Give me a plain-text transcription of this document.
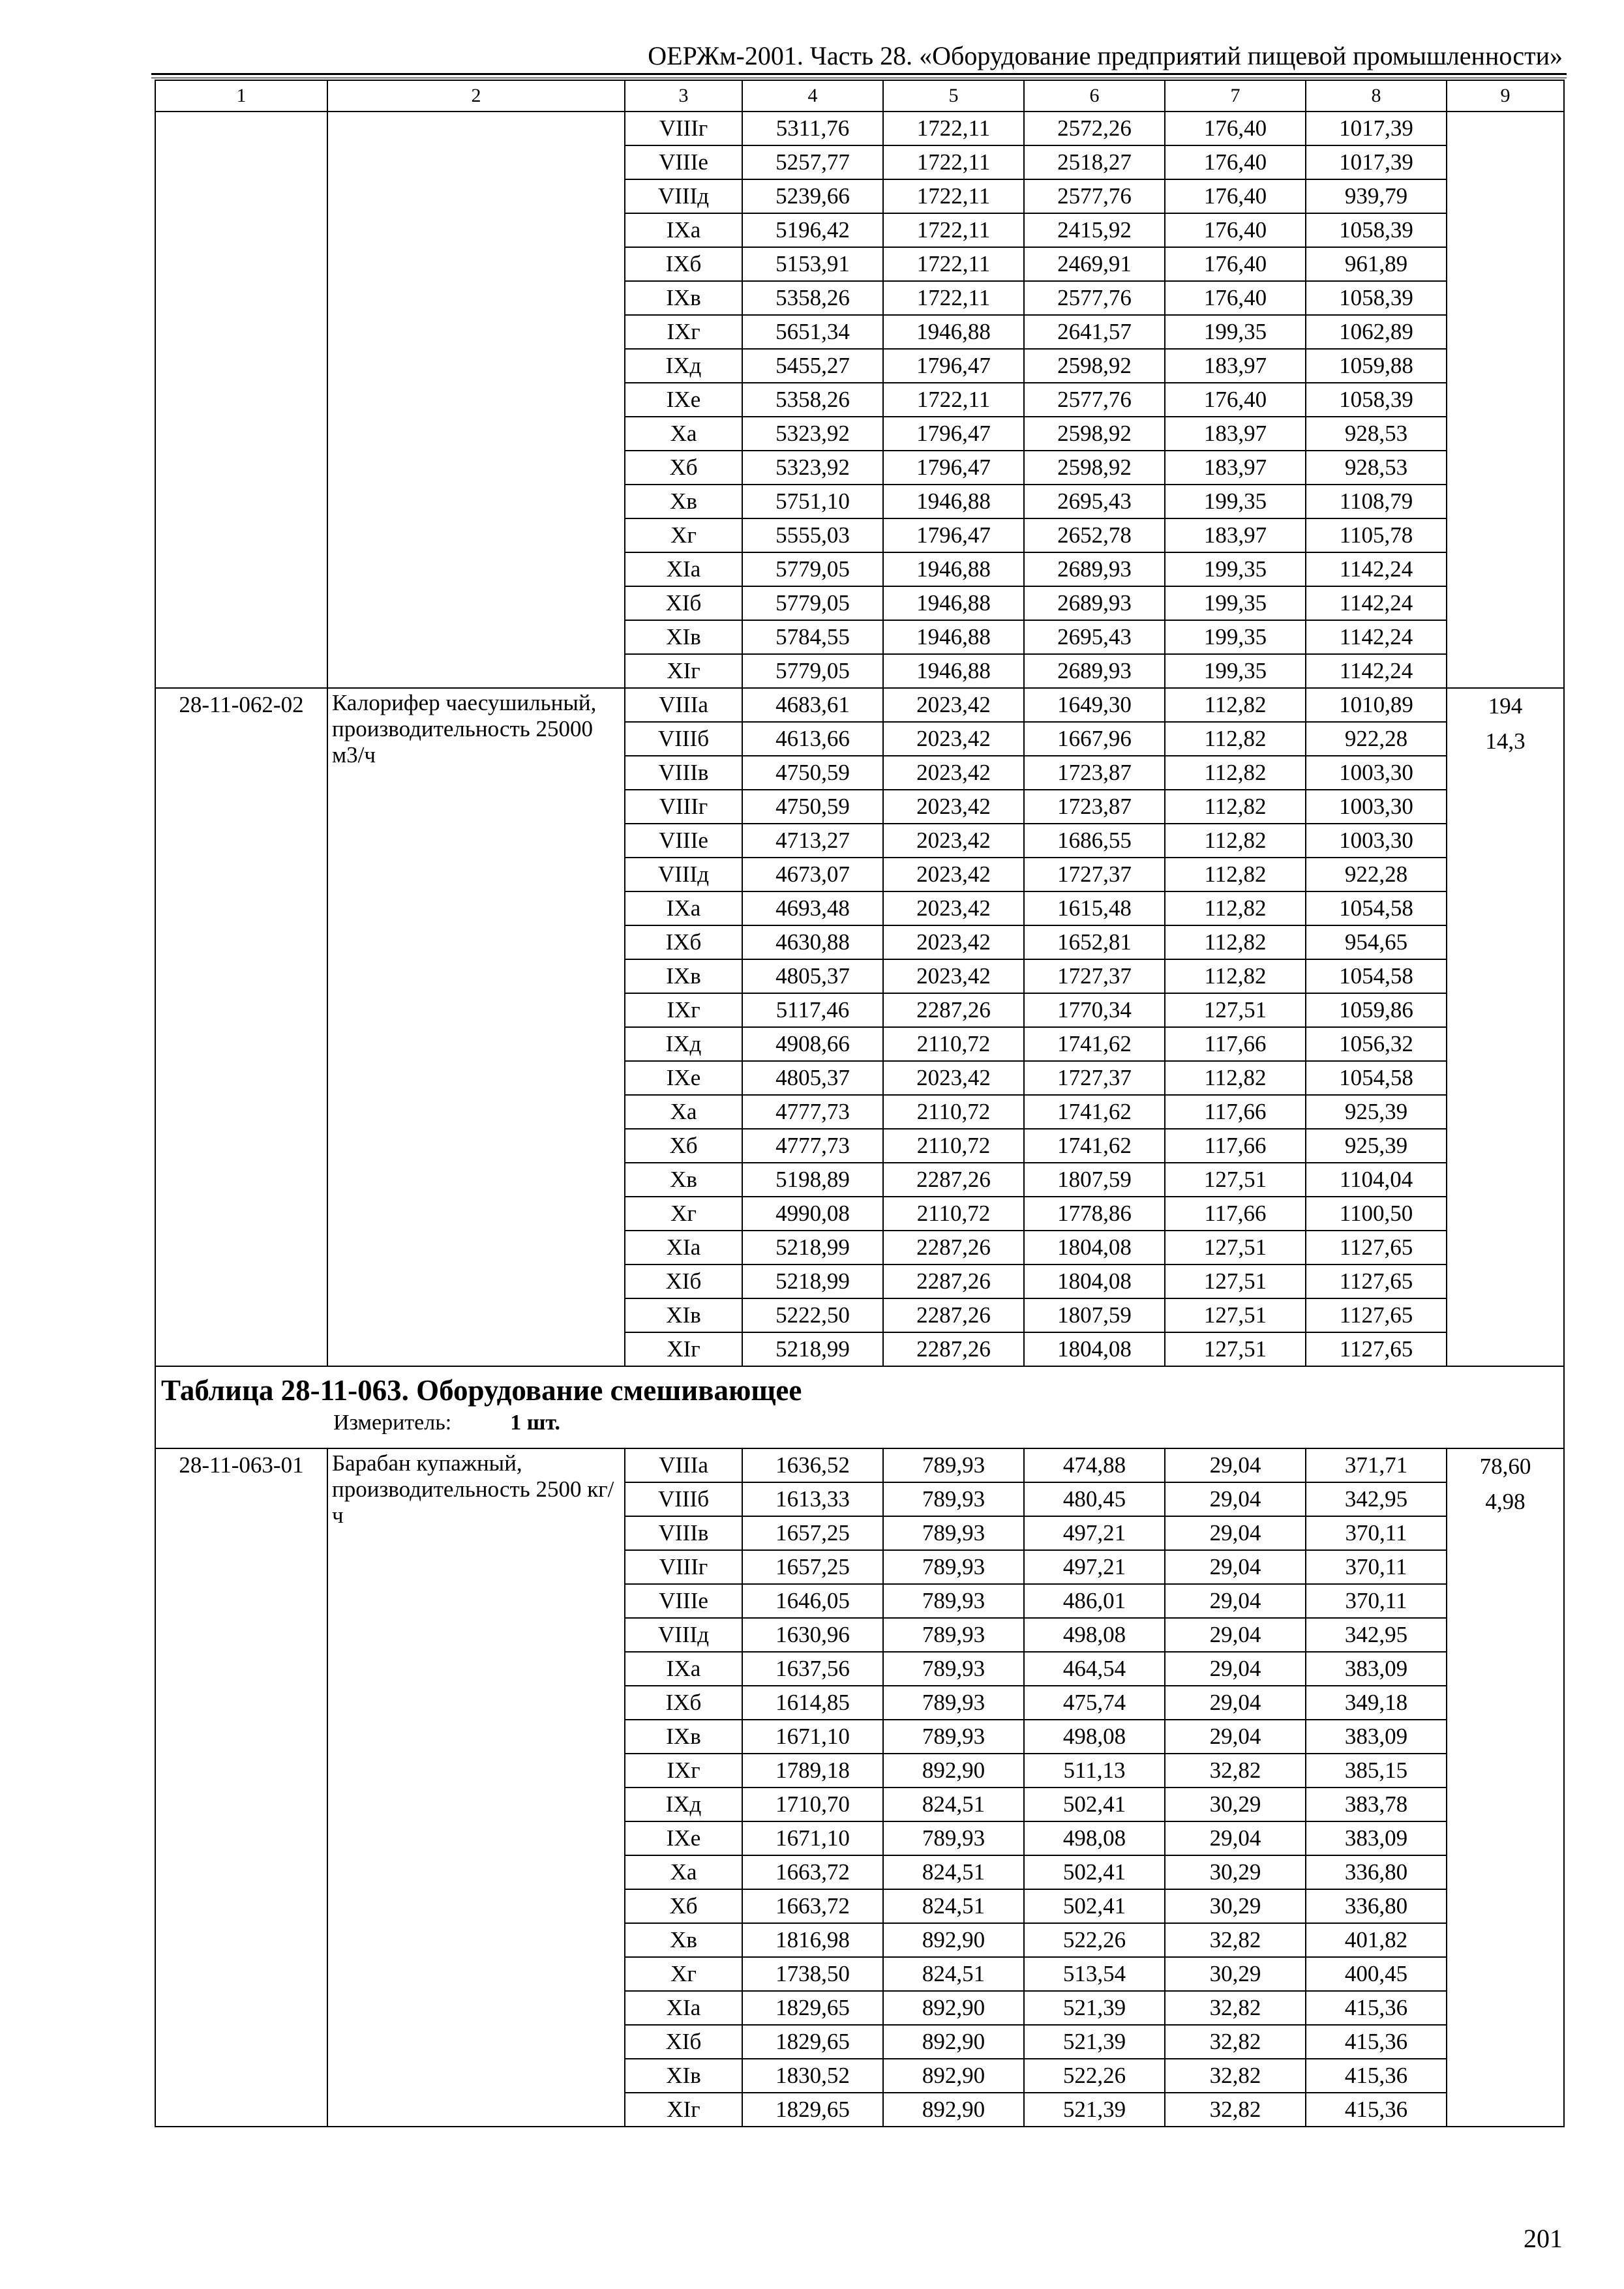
ОЕРЖм-2001. Часть 28. «Оборудование предприятий пищевой промышленности»
1	2	3	4	5	6	7	8	9
		VIIIг	5311,76	1722,11	2572,26	176,40	1017,39	
		VIIIе	5257,77	1722,11	2518,27	176,40	1017,39	
		VIIIд	5239,66	1722,11	2577,76	176,40	939,79	
		IXа	5196,42	1722,11	2415,92	176,40	1058,39	
		IXб	5153,91	1722,11	2469,91	176,40	961,89	
		IXв	5358,26	1722,11	2577,76	176,40	1058,39	
		IXг	5651,34	1946,88	2641,57	199,35	1062,89	
		IXд	5455,27	1796,47	2598,92	183,97	1059,88	
		IXе	5358,26	1722,11	2577,76	176,40	1058,39	
		Xа	5323,92	1796,47	2598,92	183,97	928,53	
		Xб	5323,92	1796,47	2598,92	183,97	928,53	
		Xв	5751,10	1946,88	2695,43	199,35	1108,79	
		Xг	5555,03	1796,47	2652,78	183,97	1105,78	
		XIа	5779,05	1946,88	2689,93	199,35	1142,24	
		XIб	5779,05	1946,88	2689,93	199,35	1142,24	
		XIв	5784,55	1946,88	2695,43	199,35	1142,24	
		XIг	5779,05	1946,88	2689,93	199,35	1142,24	
28-11-062-02	Калорифер чаесушильный, производительность 25000 м3/ч	VIIIа	4683,61	2023,42	1649,30	112,82	1010,89	194
14,3

		VIIIб	4613,66	2023,42	1667,96	112,82	922,28	
		VIIIв	4750,59	2023,42	1723,87	112,82	1003,30	
		VIIIг	4750,59	2023,42	1723,87	112,82	1003,30	
		VIIIе	4713,27	2023,42	1686,55	112,82	1003,30	
		VIIIд	4673,07	2023,42	1727,37	112,82	922,28	
		IXа	4693,48	2023,42	1615,48	112,82	1054,58	
		IXб	4630,88	2023,42	1652,81	112,82	954,65	
		IXв	4805,37	2023,42	1727,37	112,82	1054,58	
		IXг	5117,46	2287,26	1770,34	127,51	1059,86	
		IXд	4908,66	2110,72	1741,62	117,66	1056,32	
		IXе	4805,37	2023,42	1727,37	112,82	1054,58	
		Xа	4777,73	2110,72	1741,62	117,66	925,39	
		Xб	4777,73	2110,72	1741,62	117,66	925,39	
		Xв	5198,89	2287,26	1807,59	127,51	1104,04	
		Xг	4990,08	2110,72	1778,86	117,66	1100,50	
		XIа	5218,99	2287,26	1804,08	127,51	1127,65	
		XIб	5218,99	2287,26	1804,08	127,51	1127,65	
		XIв	5222,50	2287,26	1807,59	127,51	1127,65	
		XIг	5218,99	2287,26	1804,08	127,51	1127,65	

Таблица 28-11-063. Оборудование смешивающее
Измеритель: 1 шт.								

28-11-063-01	Барабан купажный, производительность 2500 кг/ч	VIIIа	1636,52	789,93	474,88	29,04	371,71	78,60
4,98

		VIIIб	1613,33	789,93	480,45	29,04	342,95	
		VIIIв	1657,25	789,93	497,21	29,04	370,11	
		VIIIг	1657,25	789,93	497,21	29,04	370,11	
		VIIIе	1646,05	789,93	486,01	29,04	370,11	
		VIIIд	1630,96	789,93	498,08	29,04	342,95	
		IXа	1637,56	789,93	464,54	29,04	383,09	
		IXб	1614,85	789,93	475,74	29,04	349,18	
		IXв	1671,10	789,93	498,08	29,04	383,09	
		IXг	1789,18	892,90	511,13	32,82	385,15	
		IXд	1710,70	824,51	502,41	30,29	383,78	
		IXе	1671,10	789,93	498,08	29,04	383,09	
		Xа	1663,72	824,51	502,41	30,29	336,80	
		Xб	1663,72	824,51	502,41	30,29	336,80	
		Xв	1816,98	892,90	522,26	32,82	401,82	
		Xг	1738,50	824,51	513,54	30,29	400,45	
		XIа	1829,65	892,90	521,39	32,82	415,36	
		XIб	1829,65	892,90	521,39	32,82	415,36	
		XIв	1830,52	892,90	522,26	32,82	415,36	
		XIг	1829,65	892,90	521,39	32,82	415,36	
201
